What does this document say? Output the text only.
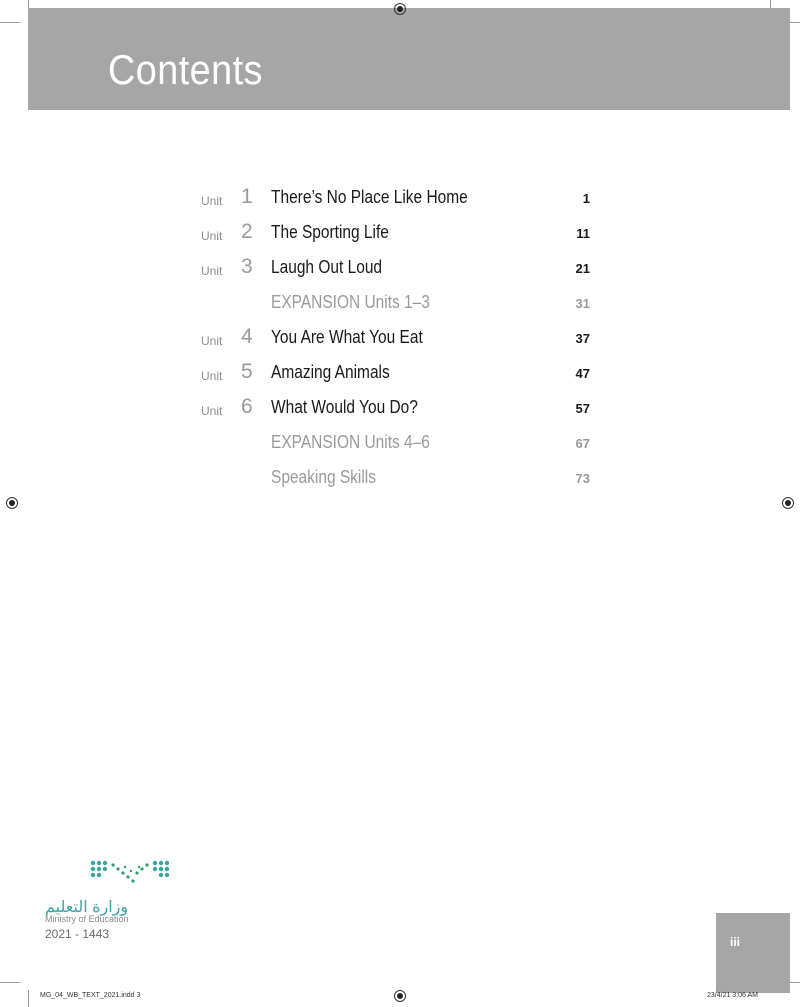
Contents
Unit 1 There’s No Place Like Home	1
Unit 2 The Sporting Life	11
Unit 3 Laugh Out Loud	21
EXPANSION Units 1–3	31
Unit 4 You Are What You Eat	37
Unit 5 Amazing Animals	47
Unit 6 What Would You Do?	57
EXPANSION Units 4–6	67
Speaking Skills	73
وزارة التعليم
Ministry of Education
2021 - 1443
iii
MG_04_WB_TEXT_2021.indd 3	23/4/21 3:06 AM
